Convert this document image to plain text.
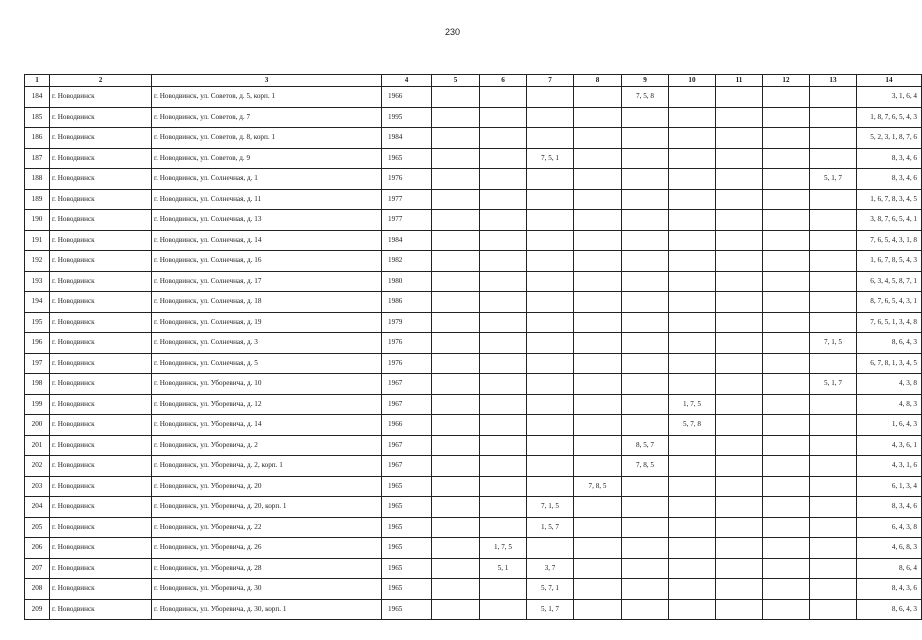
230
1	2	3	4	5	6	7	8	9	10	11	12	13	14
184	г. Новодвинск	г. Новодвинск, ул. Советов, д. 5, корп. 1	1966					7, 5, 8					3, 1, 6, 4
185	г. Новодвинск	г. Новодвинск, ул. Советов, д. 7	1995										1, 8, 7, 6, 5, 4, 3
186	г. Новодвинск	г. Новодвинск, ул. Советов, д. 8, корп. 1	1984										5, 2, 3, 1, 8, 7, 6
187	г. Новодвинск	г. Новодвинск, ул. Советов, д. 9	1965			7, 5, 1							8, 3, 4, 6
188	г. Новодвинск	г. Новодвинск, ул. Солнечная, д. 1	1976									5, 1, 7	8, 3, 4, 6
189	г. Новодвинск	г. Новодвинск, ул. Солнечная, д. 11	1977										1, 6, 7, 8, 3, 4, 5
190	г. Новодвинск	г. Новодвинск, ул. Солнечная, д. 13	1977										3, 8, 7, 6, 5, 4, 1
191	г. Новодвинск	г. Новодвинск, ул. Солнечная, д. 14	1984										7, 6, 5, 4, 3, 1, 8
192	г. Новодвинск	г. Новодвинск, ул. Солнечная, д. 16	1982										1, 6, 7, 8, 5, 4, 3
193	г. Новодвинск	г. Новодвинск, ул. Солнечная, д. 17	1980										6, 3, 4, 5, 8, 7, 1
194	г. Новодвинск	г. Новодвинск, ул. Солнечная, д. 18	1986										8, 7, 6, 5, 4, 3, 1
195	г. Новодвинск	г. Новодвинск, ул. Солнечная, д. 19	1979										7, 6, 5, 1, 3, 4, 8
196	г. Новодвинск	г. Новодвинск, ул. Солнечная, д. 3	1976									7, 1, 5	8, 6, 4, 3
197	г. Новодвинск	г. Новодвинск, ул. Солнечная, д. 5	1976										6, 7, 8, 1, 3, 4, 5
198	г. Новодвинск	г. Новодвинск, ул. Уборевича, д. 10	1967									5, 1, 7	4, 3, 8
199	г. Новодвинск	г. Новодвинск, ул. Уборевича, д. 12	1967						1, 7, 5				4, 8, 3
200	г. Новодвинск	г. Новодвинск, ул. Уборевича, д. 14	1966						5, 7, 8				1, 6, 4, 3
201	г. Новодвинск	г. Новодвинск, ул. Уборевича, д. 2	1967					8, 5, 7					4, 3, 6, 1
202	г. Новодвинск	г. Новодвинск, ул. Уборевича, д. 2, корп. 1	1967					7, 8, 5					4, 3, 1, 6
203	г. Новодвинск	г. Новодвинск, ул. Уборевича, д. 20	1965				7, 8, 5						6, 1, 3, 4
204	г. Новодвинск	г. Новодвинск, ул. Уборевича, д. 20, корп. 1	1965			7, 1, 5							8, 3, 4, 6
205	г. Новодвинск	г. Новодвинск, ул. Уборевича, д. 22	1965			1, 5, 7							6, 4, 3, 8
206	г. Новодвинск	г. Новодвинск, ул. Уборевича, д. 26	1965		1, 7, 5								4, 6, 8, 3
207	г. Новодвинск	г. Новодвинск, ул. Уборевича, д. 28	1965		5, 1	3, 7							8, 6, 4
208	г. Новодвинск	г. Новодвинск, ул. Уборевича, д. 30	1965			5, 7, 1							8, 4, 3, 6
209	г. Новодвинск	г. Новодвинск, ул. Уборевича, д. 30, корп. 1	1965			5, 1, 7							8, 6, 4, 3
